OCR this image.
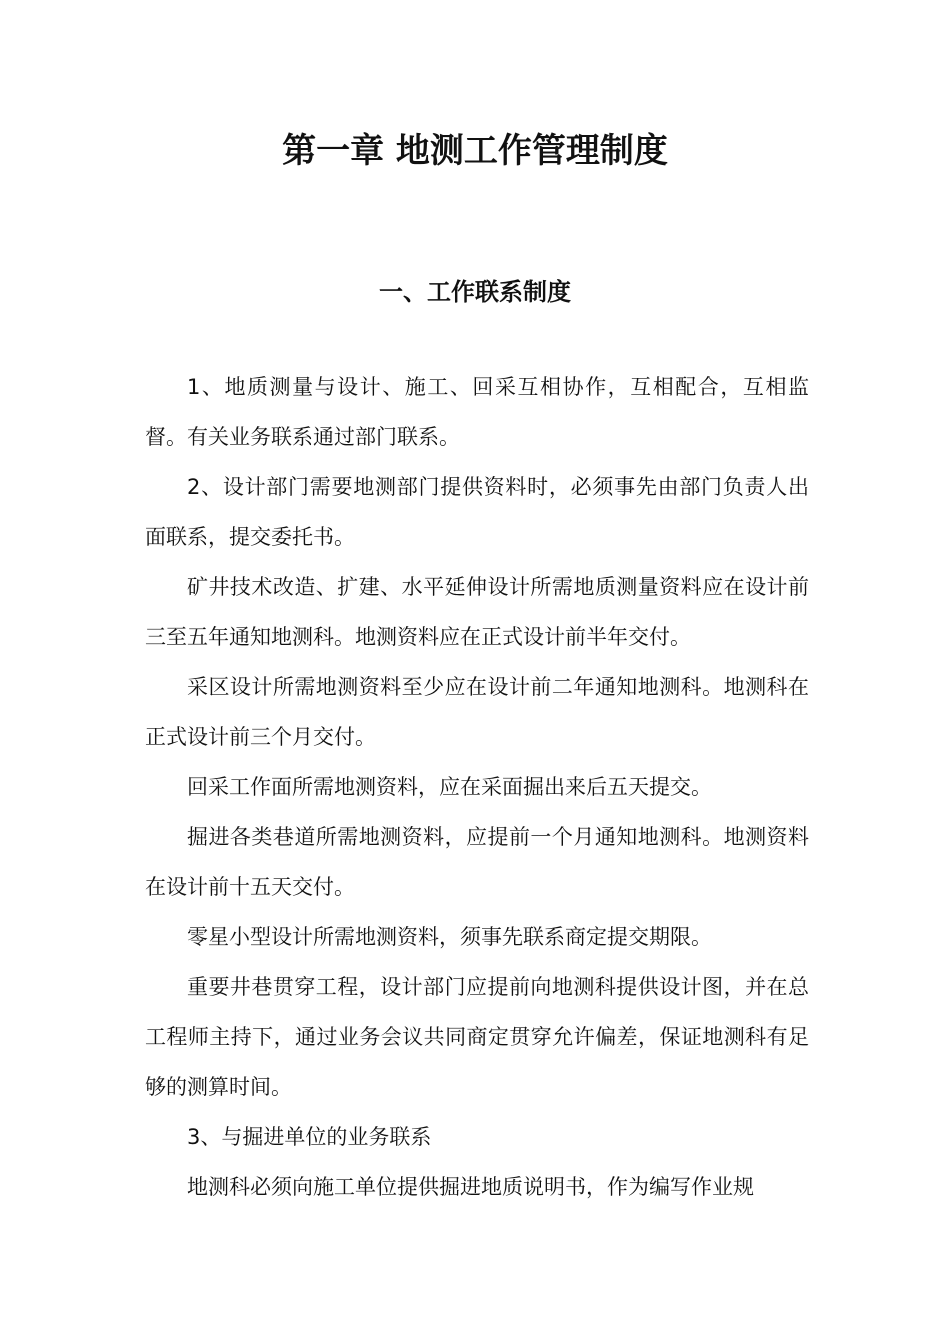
第一章 地测工作管理制度
一、工作联系制度

1、地质测量与设计、施工、回采互相协作，互相配合，互相监督。有关业务联系通过部门联系。

2、设计部门需要地测部门提供资料时，必须事先由部门负责人出面联系，提交委托书。

矿井技术改造、扩建、水平延伸设计所需地质测量资料应在设计前三至五年通知地测科。地测资料应在正式设计前半年交付。

采区设计所需地测资料至少应在设计前二年通知地测科。地测科在正式设计前三个月交付。

回采工作面所需地测资料，应在采面掘出来后五天提交。

掘进各类巷道所需地测资料，应提前一个月通知地测科。地测资料在设计前十五天交付。

零星小型设计所需地测资料，须事先联系商定提交期限。

重要井巷贯穿工程，设计部门应提前向地测科提供设计图，并在总工程师主持下，通过业务会议共同商定贯穿允许偏差，保证地测科有足够的测算时间。

3、与掘进单位的业务联系

地测科必须向施工单位提供掘进地质说明书，作为编写作业规
